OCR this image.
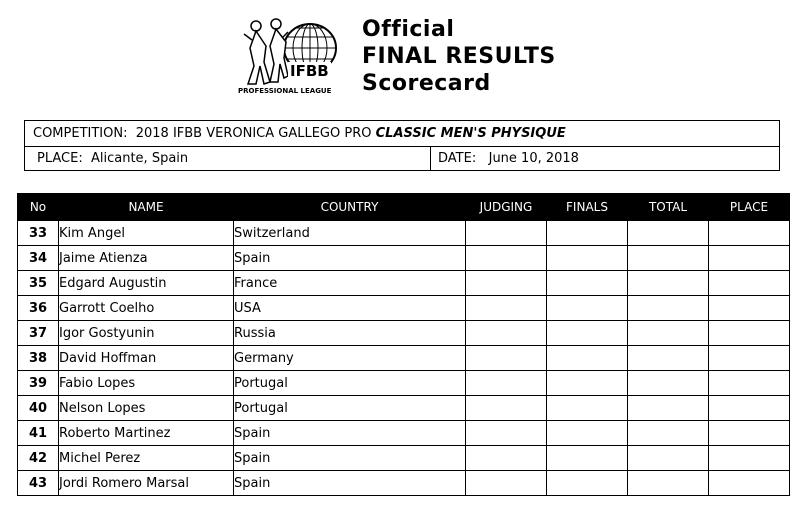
IFBB
PROFESSIONAL LEAGUE
Official
FINAL RESULTS
Scorecard
COMPETITION: 2018 IFBB VERONICA GALLEGO PRO CLASSIC MEN'S PHYSIQUE
PLACE: Alicante, Spain	DATE: June 10, 2018
No	NAME	COUNTRY	JUDGING	FINALS	TOTAL	PLACE
33	Kim Angel	Switzerland				
34	Jaime Atienza	Spain				
35	Edgard Augustin	France				
36	Garrott Coelho	USA				
37	Igor Gostyunin	Russia				
38	David Hoffman	Germany				
39	Fabio Lopes	Portugal				
40	Nelson Lopes	Portugal				
41	Roberto Martinez	Spain				
42	Michel Perez	Spain				
43	Jordi Romero Marsal	Spain				
